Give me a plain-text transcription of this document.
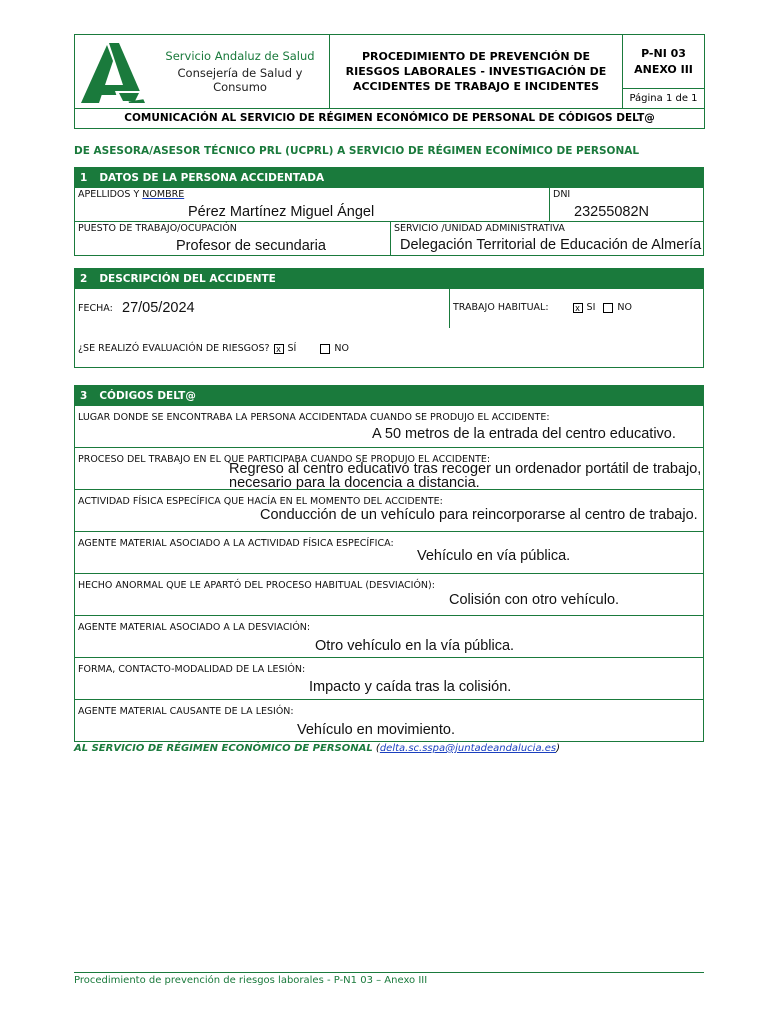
Servicio Andaluz de Salud
Consejería de Salud y Consumo
PROCEDIMIENTO DE PREVENCIÓN DE RIESGOS LABORALES - INVESTIGACIÓN DE ACCIDENTES DE TRABAJO E INCIDENTES
P-NI 03
ANEXO III
Página 1 de 1
COMUNICACIÓN AL SERVICIO DE RÉGIMEN ECONÓMICO DE PERSONAL DE CÓDIGOS DELT@
DE ASESORA/ASESOR TÉCNICO PRL (UCPRL) A SERVICIO DE RÉGIMEN ECONÍMICO DE PERSONAL
1 DATOS DE LA PERSONA ACCIDENTADA
APELLIDOS Y NOMBRE
Pérez Martínez Miguel Ángel
DNI
23255082N
PUESTO DE TRABAJO/OCUPACIÓN
Profesor de secundaria
SERVICIO /UNIDAD ADMINISTRATIVA
Delegación Territorial de Educación de Almería
2 DESCRIPCIÓN DEL ACCIDENTE
FECHA: 27/05/2024	TRABAJO HABITUAL:	x SI NO
¿SE REALIZÓ EVALUACIÓN DE RIESGOS? x SÍ	NO
3 CÓDIGOS DELT@
LUGAR DONDE SE ENCONTRABA LA PERSONA ACCIDENTADA CUANDO SE PRODUJO EL ACCIDENTE:
A 50 metros de la entrada del centro educativo.
PROCESO DEL TRABAJO EN EL QUE PARTICIPABA CUANDO SE PRODUJO EL ACCIDENTE:
Regreso al centro educativo tras recoger un ordenador portátil de trabajo,
necesario para la docencia a distancia.
ACTIVIDAD FÍSICA ESPECÍFICA QUE HACÍA EN EL MOMENTO DEL ACCIDENTE:
Conducción de un vehículo para reincorporarse al centro de trabajo.
AGENTE MATERIAL ASOCIADO A LA ACTIVIDAD FÍSICA ESPECÍFICA:
Vehículo en vía pública.
HECHO ANORMAL QUE LE APARTÓ DEL PROCESO HABITUAL (DESVIACIÓN):
Colisión con otro vehículo.
AGENTE MATERIAL ASOCIADO A LA DESVIACIÓN:
Otro vehículo en la vía pública.
FORMA, CONTACTO-MODALIDAD DE LA LESIÓN:
Impacto y caída tras la colisión.
AGENTE MATERIAL CAUSANTE DE LA LESIÓN:
Vehículo en movimiento.
AL SERVICIO DE RÉGIMEN ECONÓMICO DE PERSONAL (delta.sc.sspa@juntadeandalucia.es)
Procedimiento de prevención de riesgos laborales - P-N1 03 – Anexo III
